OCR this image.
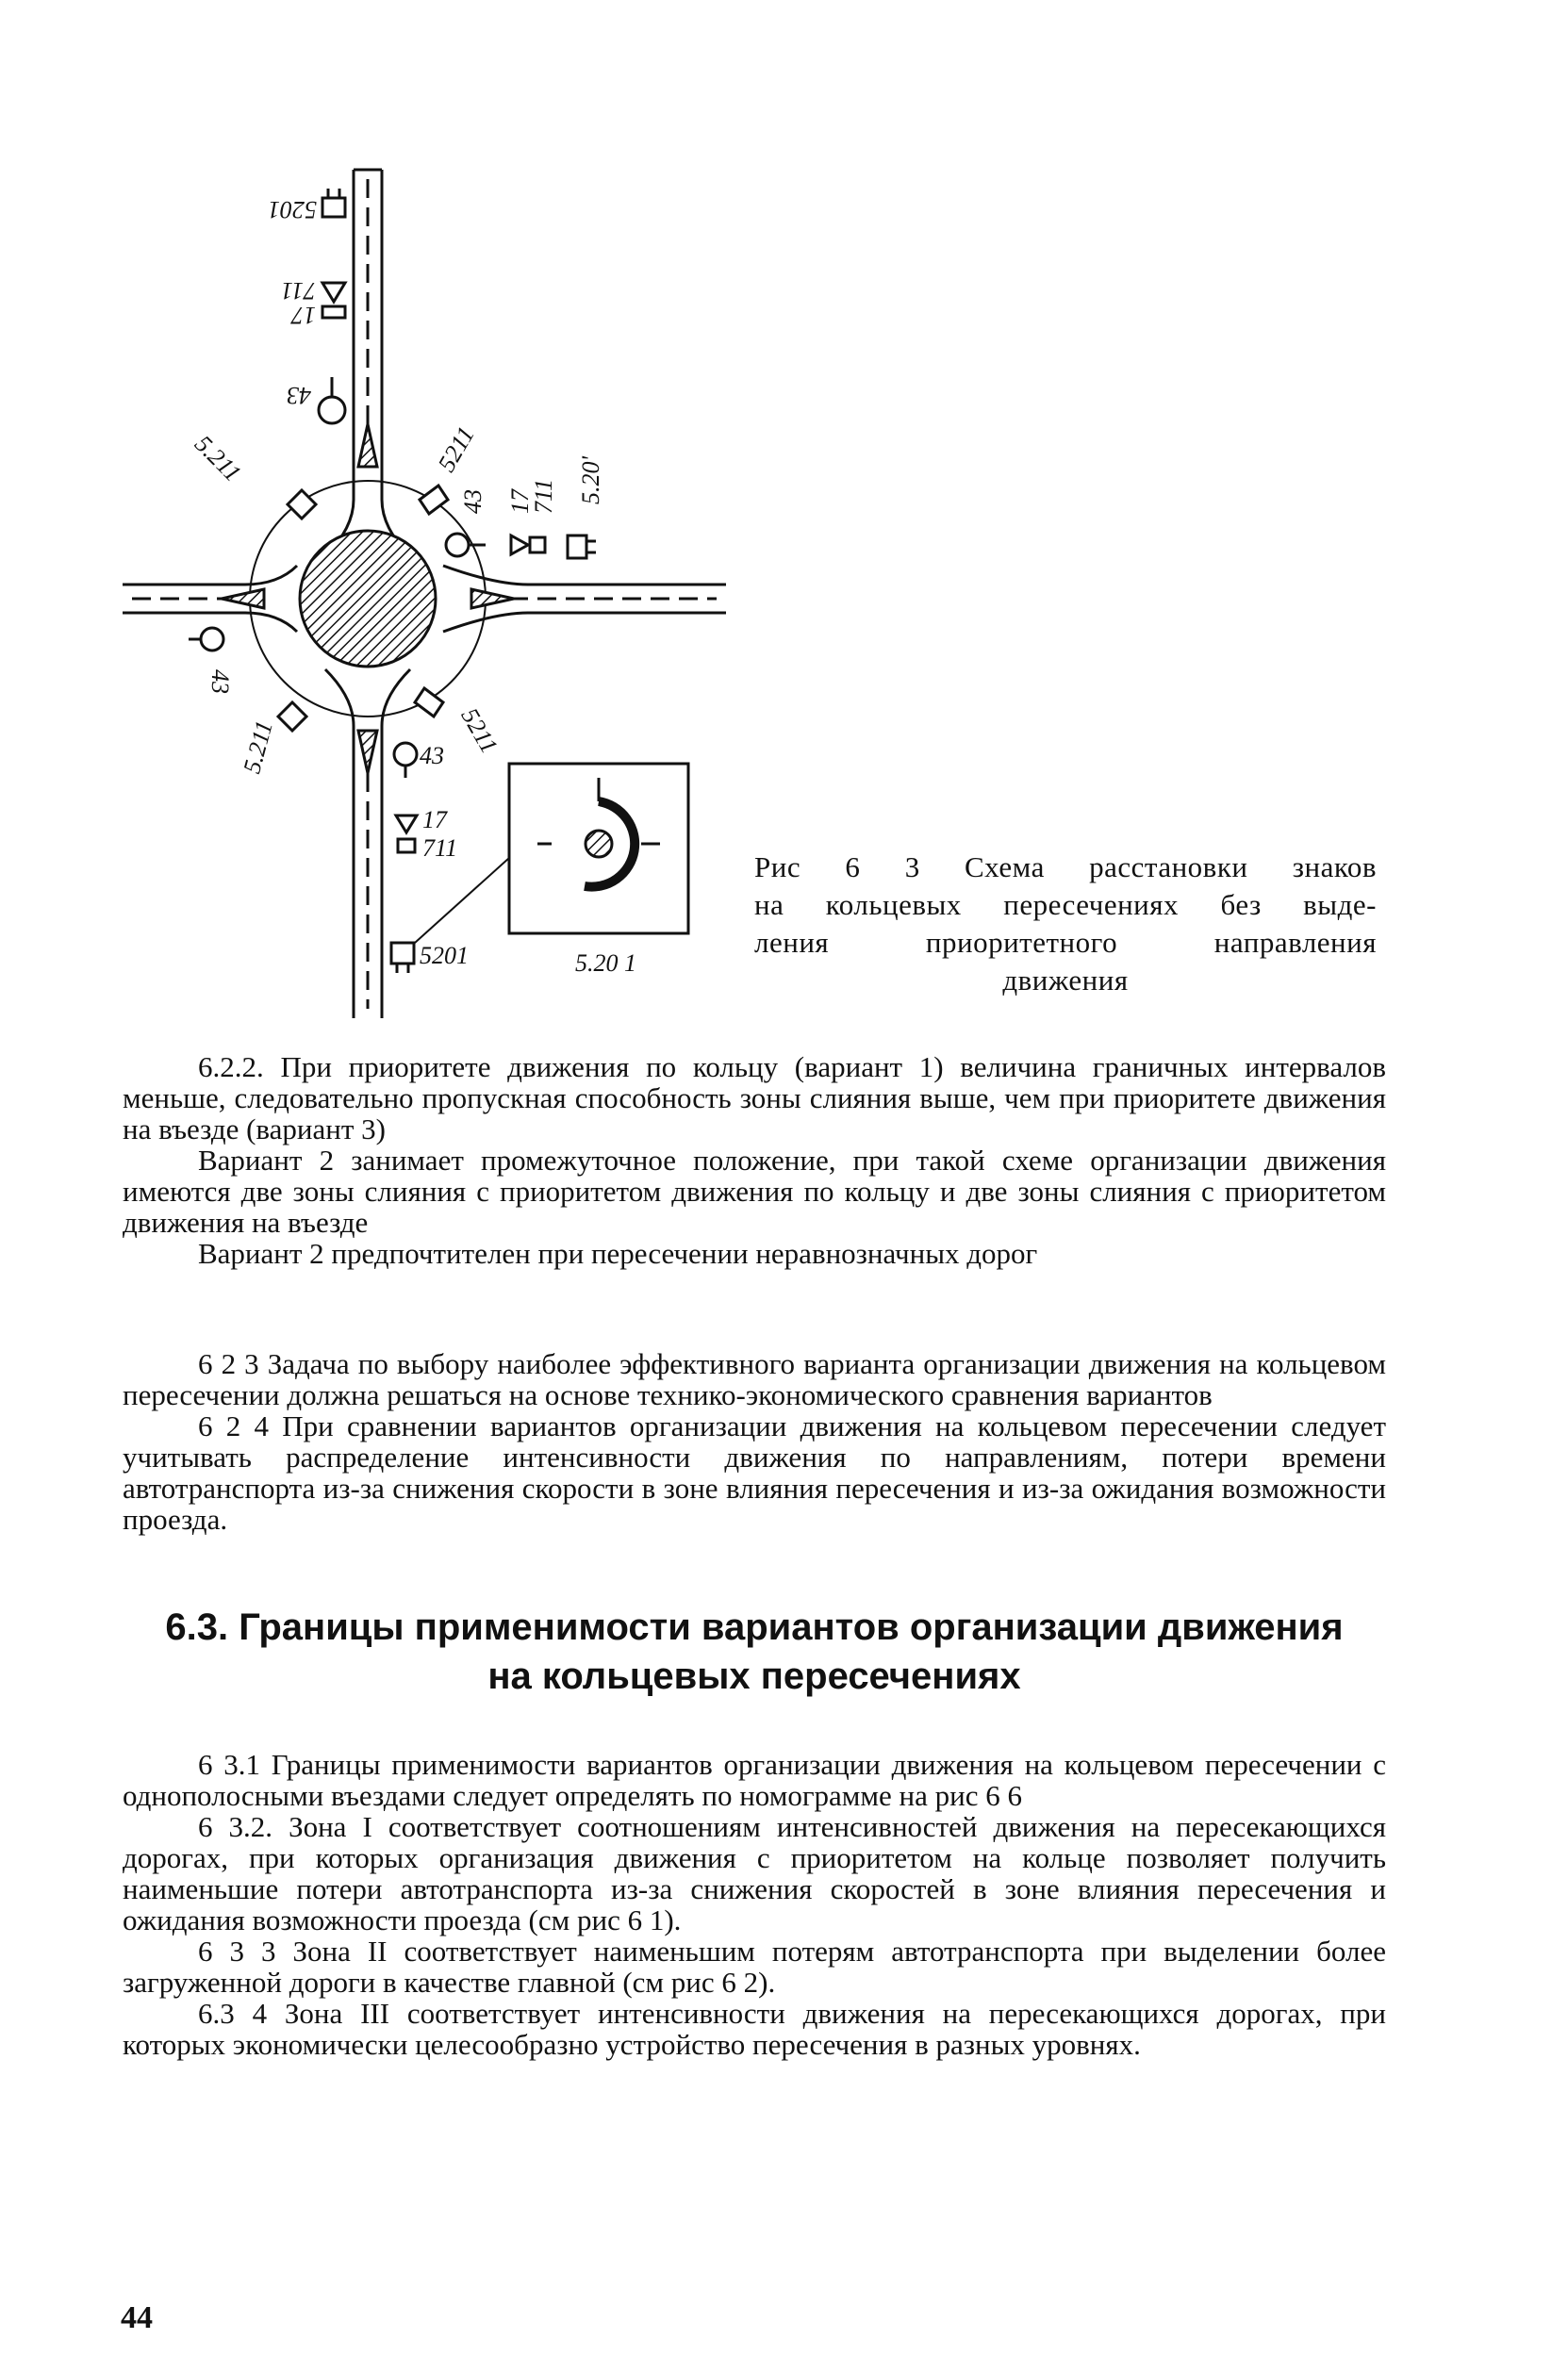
5201
711
17
43
5211
43 17
711 5.20'
5.211
43
5.211	5211
43
17
711
5201	5.20 1

Рис 6 3 Схема расстановки знаков

на кольцевых пересечениях без выде-

ления приоритетного направления

движения

6.2.2. При приоритете движения по кольцу (вариант 1) величина граничных интервалов меньше, следовательно пропускная способность зоны слияния выше, чем при приоритете движения на въезде (вариант 3)

Вариант 2 занимает промежуточное положение, при такой схеме организации движения имеются две зоны слияния с приоритетом движения по кольцу и две зоны слияния с приоритетом движения на въезде

Вариант 2 предпочтителен при пересечении неравнозначных дорог

6 2 3 Задача по выбору наиболее эффективного варианта организации движения на кольцевом пересечении должна решаться на основе технико-экономического сравнения вариантов

6 2 4 При сравнении вариантов организации движения на кольцевом пересечении следует учитывать распределение интенсивности движения по направлениям, потери времени автотранспорта из-за снижения скорости в зоне влияния пересечения и из-за ожидания возможности проезда.

6.3. Границы применимости вариантов организации движения
на кольцевых пересечениях

6 3.1 Границы применимости вариантов организации движения на кольцевом пересечении с однополосными въездами следует определять по номограмме на рис 6 6

6 3.2. Зона I соответствует соотношениям интенсивностей движения на пересекающихся дорогах, при которых организация движения с приоритетом на кольце позволяет получить наименьшие потери автотранспорта из-за снижения скоростей в зоне влияния пересечения и ожидания возможности проезда (см рис 6 1).

6 3 3 Зона II соответствует наименьшим потерям автотранспорта при выделении более загруженной дороги в качестве главной (см рис 6 2).

6.3 4 Зона III соответствует интенсивности движения на пересекающихся дорогах, при которых экономически целесообразно устройство пересечения в разных уровнях.

44
